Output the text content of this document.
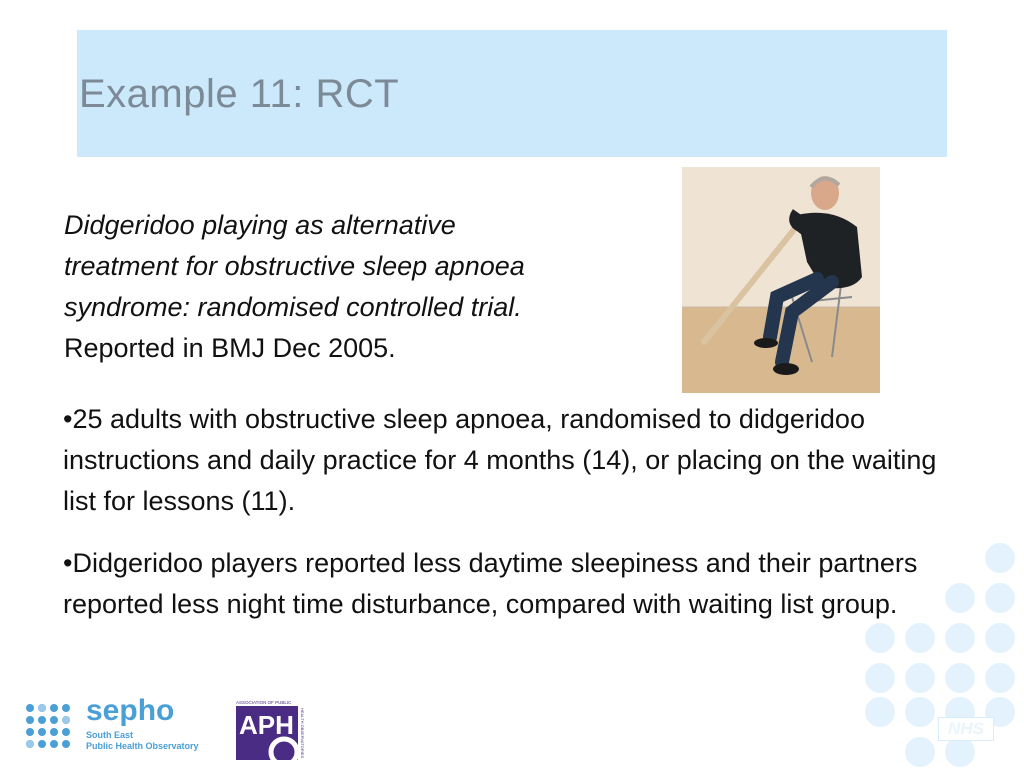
Example 11: RCT
Didgeridoo playing as alternative
treatment for obstructive sleep apnoea
syndrome: randomised controlled trial.
Reported in BMJ Dec 2005.
•25 adults with obstructive sleep apnoea, randomised to didgeridoo instructions and daily practice for 4 months (14), or placing on the waiting list for lessons (11).
•Didgeridoo players reported less daytime sleepiness and their partners reported less night time disturbance, compared with waiting list group.
sepho
South East
Public Health Observatory
ASSOCIATION OF PUBLIC
APH HEALTH OBSERVATORIES	NHS
